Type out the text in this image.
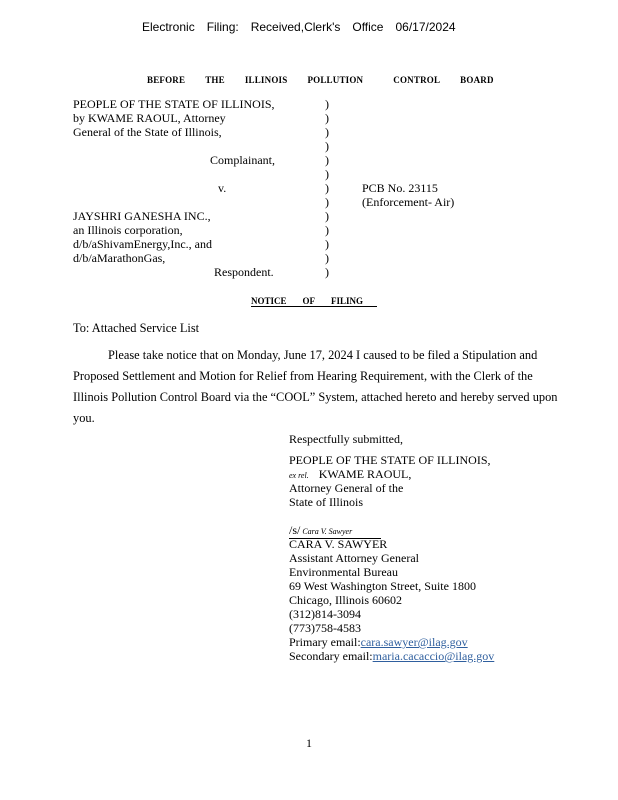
Electronic Filing: Received,Clerk's Office 06/17/2024
BEFORE THE ILLINOIS POLLUTION	CONTROL BOARD
PEOPLE OF THE STATE OF ILLINOIS,
by KWAME RAOUL, Attorney
General of the State of Illinois,
Complainant,
v.
JAYSHRI GANESHA INC.,
an Illinois corporation,
d/b/aShivamEnergy,Inc., and
d/b/aMarathonGas,
Respondent.
)
)
)
)
)
)
)
)
)
)
)
)
)
PCB No. 23115
(Enforcement- Air)
NOTICE OF FILING
To: Attached Service List
Please take notice that on Monday, June 17, 2024 I caused to be filed a Stipulation and
Proposed Settlement and Motion for Relief from Hearing Requirement, with the Clerk of the
Illinois Pollution Control Board via the “COOL” System, attached hereto and hereby served upon
you.
Respectfully submitted,
PEOPLE OF THE STATE OF ILLINOIS,
ex rel. KWAME RAOUL,
Attorney General of the
State of Illinois
/s/ Cara V. Sawyer
CARA V. SAWYER
Assistant Attorney General
Environmental Bureau
69 West Washington Street, Suite 1800
Chicago, Illinois 60602
(312)814-3094
(773)758-4583
Primary email:cara.sawyer@ilag.gov
Secondary email:maria.cacaccio@ilag.gov
1
